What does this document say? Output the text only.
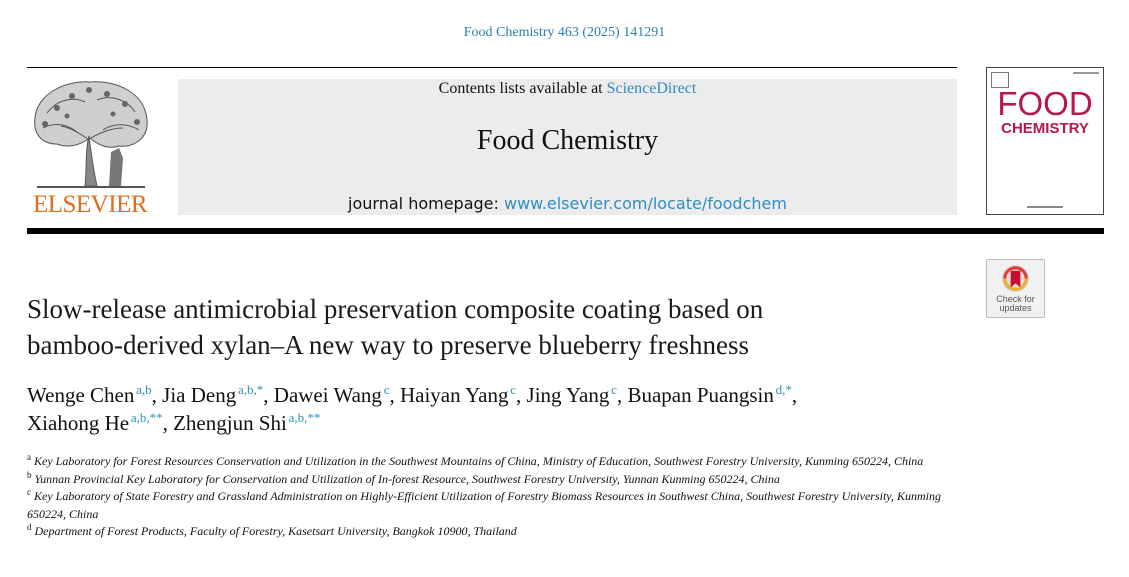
Food Chemistry 463 (2025) 141291
ELSEVIER
Contents lists available at ScienceDirect
Food Chemistry
journal homepage: www.elsevier.com/locate/foodchem
FOOD
CHEMISTRY
Check for
updates
Slow-release antimicrobial preservation composite coating based on
bamboo-derived xylan–A new way to preserve blueberry freshness
Wenge Chen  $^{a,b}$, Jia Deng  $^{a,b,*}$, Dawei Wang  $^c$, Haiyan Yang  $^c$, Jing Yang  $^c$, Buapan Puangsin  $^{d,*}$,
Xiahong He  $^{a,b,**}$, Zhengjun Shi  $^{a,b,**}$
$^a$ Key Laboratory for Forest Resources Conservation and Utilization in the Southwest Mountains of China, Ministry of Education, Southwest Forestry University, Kunming 650224, China
$^b$ Yunnan Provincial Key Laboratory for Conservation and Utilization of In-forest Resource, Southwest Forestry University, Yunnan Kunming 650224, China
$^c$ Key Laboratory of State Forestry and Grassland Administration on Highly-Efficient Utilization of Forestry Biomass Resources in Southwest China, Southwest Forestry University, Kunming 650224, China
$^d$ Department of Forest Products, Faculty of Forestry, Kasetsart University, Bangkok 10900, Thailand
